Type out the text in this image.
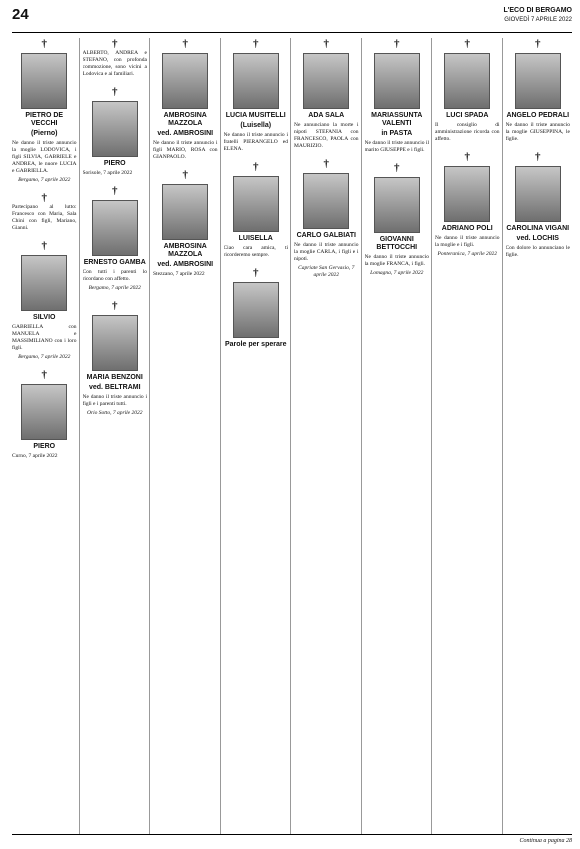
24	L'ECO DI BERGAMO
GIOVEDÌ 7 APRILE 2022
†
PIETRO DE VECCHI
(Pierno)
Ne danno il triste annuncio la moglie LODOVICA, i figli SILVIA, GABRIELE e ANDREA, le nuore LUCIA e GABRIELLA.
Bergamo, 7 aprile 2022
†
Partecipano al lutto: Francesco con Maria, Sala Chini con figli, Mariano, Gianni.
†
SILVIO
GABRIELLA con MANUELA e MASSIMILIANO con i loro figli.
Bergamo, 7 aprile 2022
†
PIERO
Curno, 7 aprile 2022
†
ALBERTO, ANDREA e STEFANO, con profonda commozione, sono vicini a Lodovica e ai familiari.
†
PIERO
Sorisole, 7 aprile 2022
†
ERNESTO GAMBA
Con tutti i parenti lo ricordano con affetto.
Bergamo, 7 aprile 2022
†
MARIA BENZONI
ved. BELTRAMI
Ne danno il triste annuncio i figli e i parenti tutti.
Orio Sotto, 7 aprile 2022
†
AMBROSINA MAZZOLA
ved. AMBROSINI
Ne danno il triste annuncio i figli MARIO, ROSA con GIANPAOLO.
†
AMBROSINA MAZZOLA
ved. AMBROSINI
Stezzano, 7 aprile 2022
†
LUCIA MUSITELLI
(Luisella)
Ne danno il triste annuncio i fratelli PIERANGELO ed ELENA.
†
LUISELLA
Ciao cara amica, ti ricorderemo sempre.
†
Parole per sperare
†
ADA SALA
Ne annunciano la morte i nipoti STEFANIA con FRANCESCO, PAOLA con MAURIZIO.
†
CARLO GALBIATI
Ne danno il triste annuncio la moglie CARLA, i figli e i nipoti.
Capriate San Gervasio, 7 aprile 2022
†
MARIASSUNTA VALENTI
in PASTA
Ne danno il triste annuncio il marito GIUSEPPE e i figli.
†
GIOVANNI BETTOCCHI
Ne danno il triste annuncio la moglie FRANCA, i figli.
Lomagna, 7 aprile 2022
†
LUCI SPADA
Il consiglio di amministrazione ricorda con affetto.
†
ADRIANO POLI
Ne danno il triste annuncio la moglie e i figli.
Ponteranica, 7 aprile 2022
†
ANGELO PEDRALI
Ne danno il triste annuncio la moglie GIUSEPPINA, le figlie.
†
CAROLINA VIGANI
ved. LOCHIS
Con dolore lo annunciano le figlie.
Continua a pagina 28
